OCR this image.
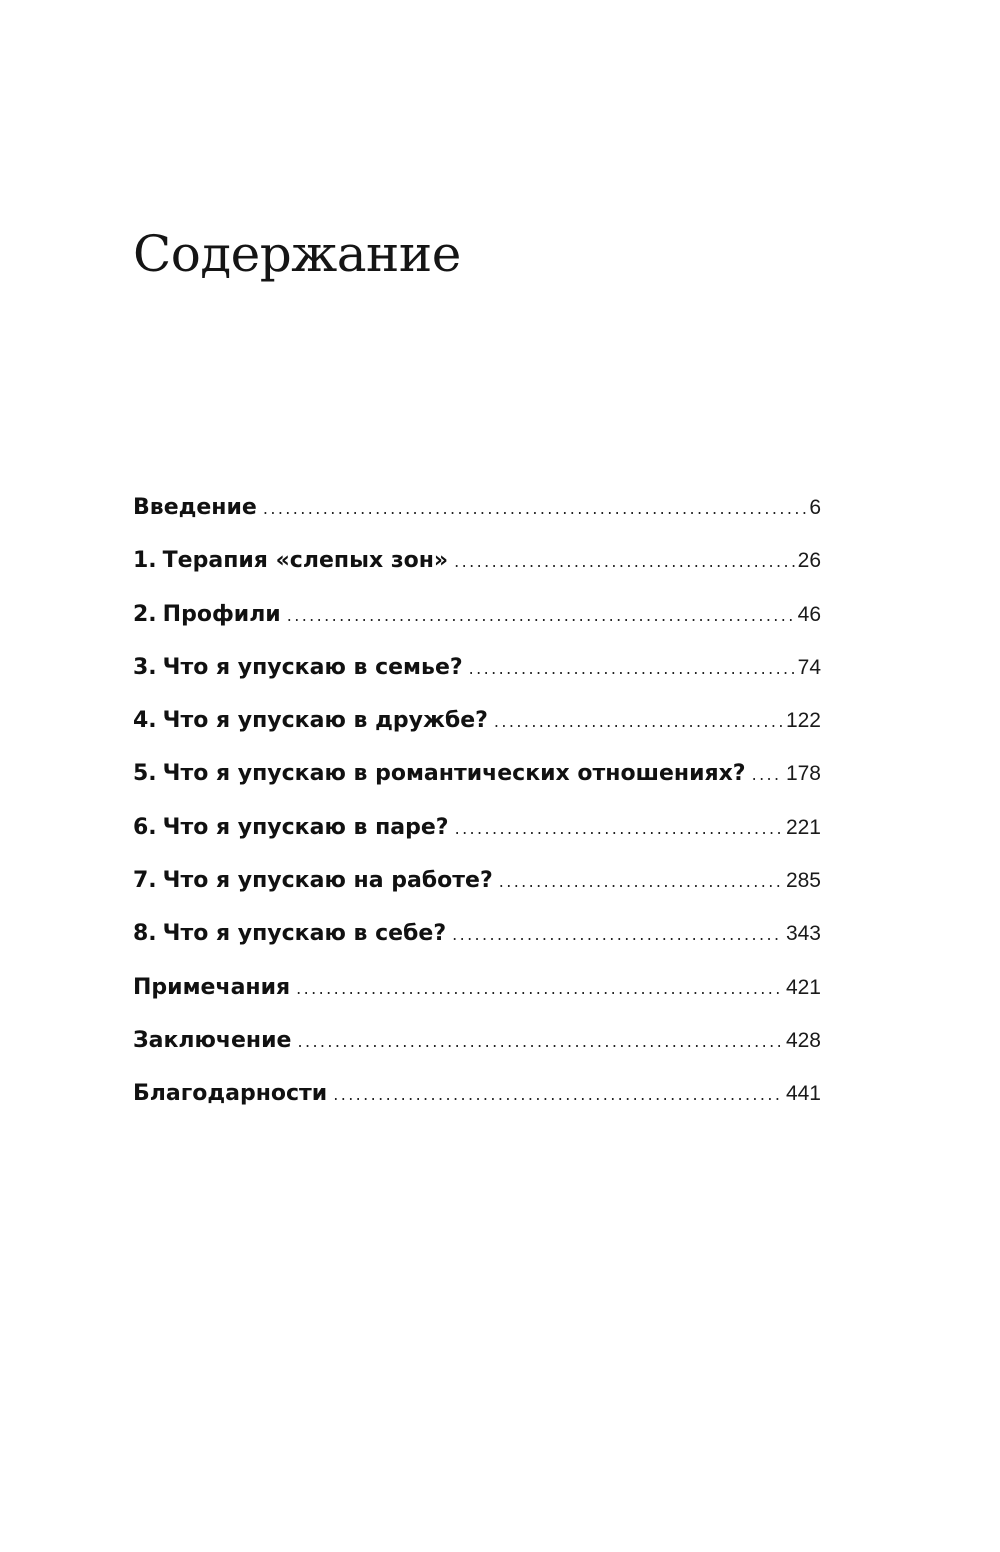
Содержание
Введение .....	6
1. Терапия «слепых зон» .....	26
2. Профили .....	46
3. Что я упускаю в семье? .....	74
4. Что я упускаю в дружбе? .....	122
5. Что я упускаю в романтических отношениях? ..... 178
6. Что я упускаю в паре? .....	221
7. Что я упускаю на работе? .....	285
8. Что я упускаю в себе? .....	343
Примечания .....	421
Заключение .....	428
Благодарности .....	441
